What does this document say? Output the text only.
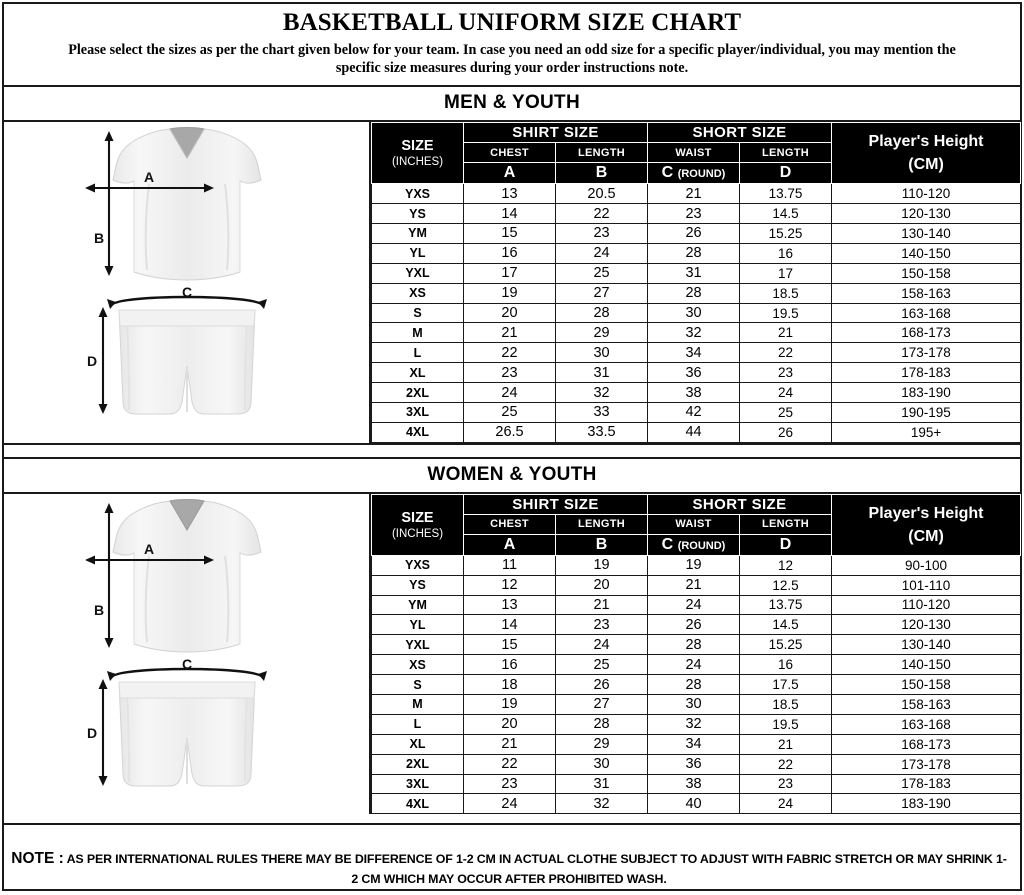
BASKETBALL UNIFORM SIZE CHART
Please select the sizes as per the chart given below for your team. In case you need an odd size for a specific player/individual, you may mention the specific size measures during your order instructions note.
MEN & YOUTH
A
B
C
D
SIZE
(INCHES)	SHIRT SIZE		SHORT SIZE		Player's Height
(CM)

	CHEST	LENGTH	WAIST	LENGTH	
	A	B	C (ROUND)	D	
YXS	13	20.5	21	13.75	110-120
YS	14	22	23	14.5	120-130
YM	15	23	26	15.25	130-140
YL	16	24	28	16	140-150
YXL	17	25	31	17	150-158
XS	19	27	28	18.5	158-163
S	20	28	30	19.5	163-168
M	21	29	32	21	168-173
L	22	30	34	22	173-178
XL	23	31	36	23	178-183
2XL	24	32	38	24	183-190
3XL	25	33	42	25	190-195
4XL	26.5	33.5	44	26	195+
WOMEN & YOUTH
A
B
C
D
SIZE
(INCHES)	SHIRT SIZE		SHORT SIZE		Player's Height
(CM)

	CHEST	LENGTH	WAIST	LENGTH	
	A	B	C (ROUND)	D	
YXS	11	19	19	12	90-100
YS	12	20	21	12.5	101-110
YM	13	21	24	13.75	110-120
YL	14	23	26	14.5	120-130
YXL	15	24	28	15.25	130-140
XS	16	25	24	16	140-150
S	18	26	28	17.5	150-158
M	19	27	30	18.5	158-163
L	20	28	32	19.5	163-168
XL	21	29	34	21	168-173
2XL	22	30	36	22	173-178
3XL	23	31	38	23	178-183
4XL	24	32	40	24	183-190
NOTE : AS PER INTERNATIONAL RULES THERE MAY BE DIFFERENCE OF 1-2 CM IN ACTUAL CLOTHE SUBJECT TO ADJUST WITH FABRIC STRETCH OR MAY SHRINK 1-2 CM WHICH MAY OCCUR AFTER PROHIBITED WASH.
